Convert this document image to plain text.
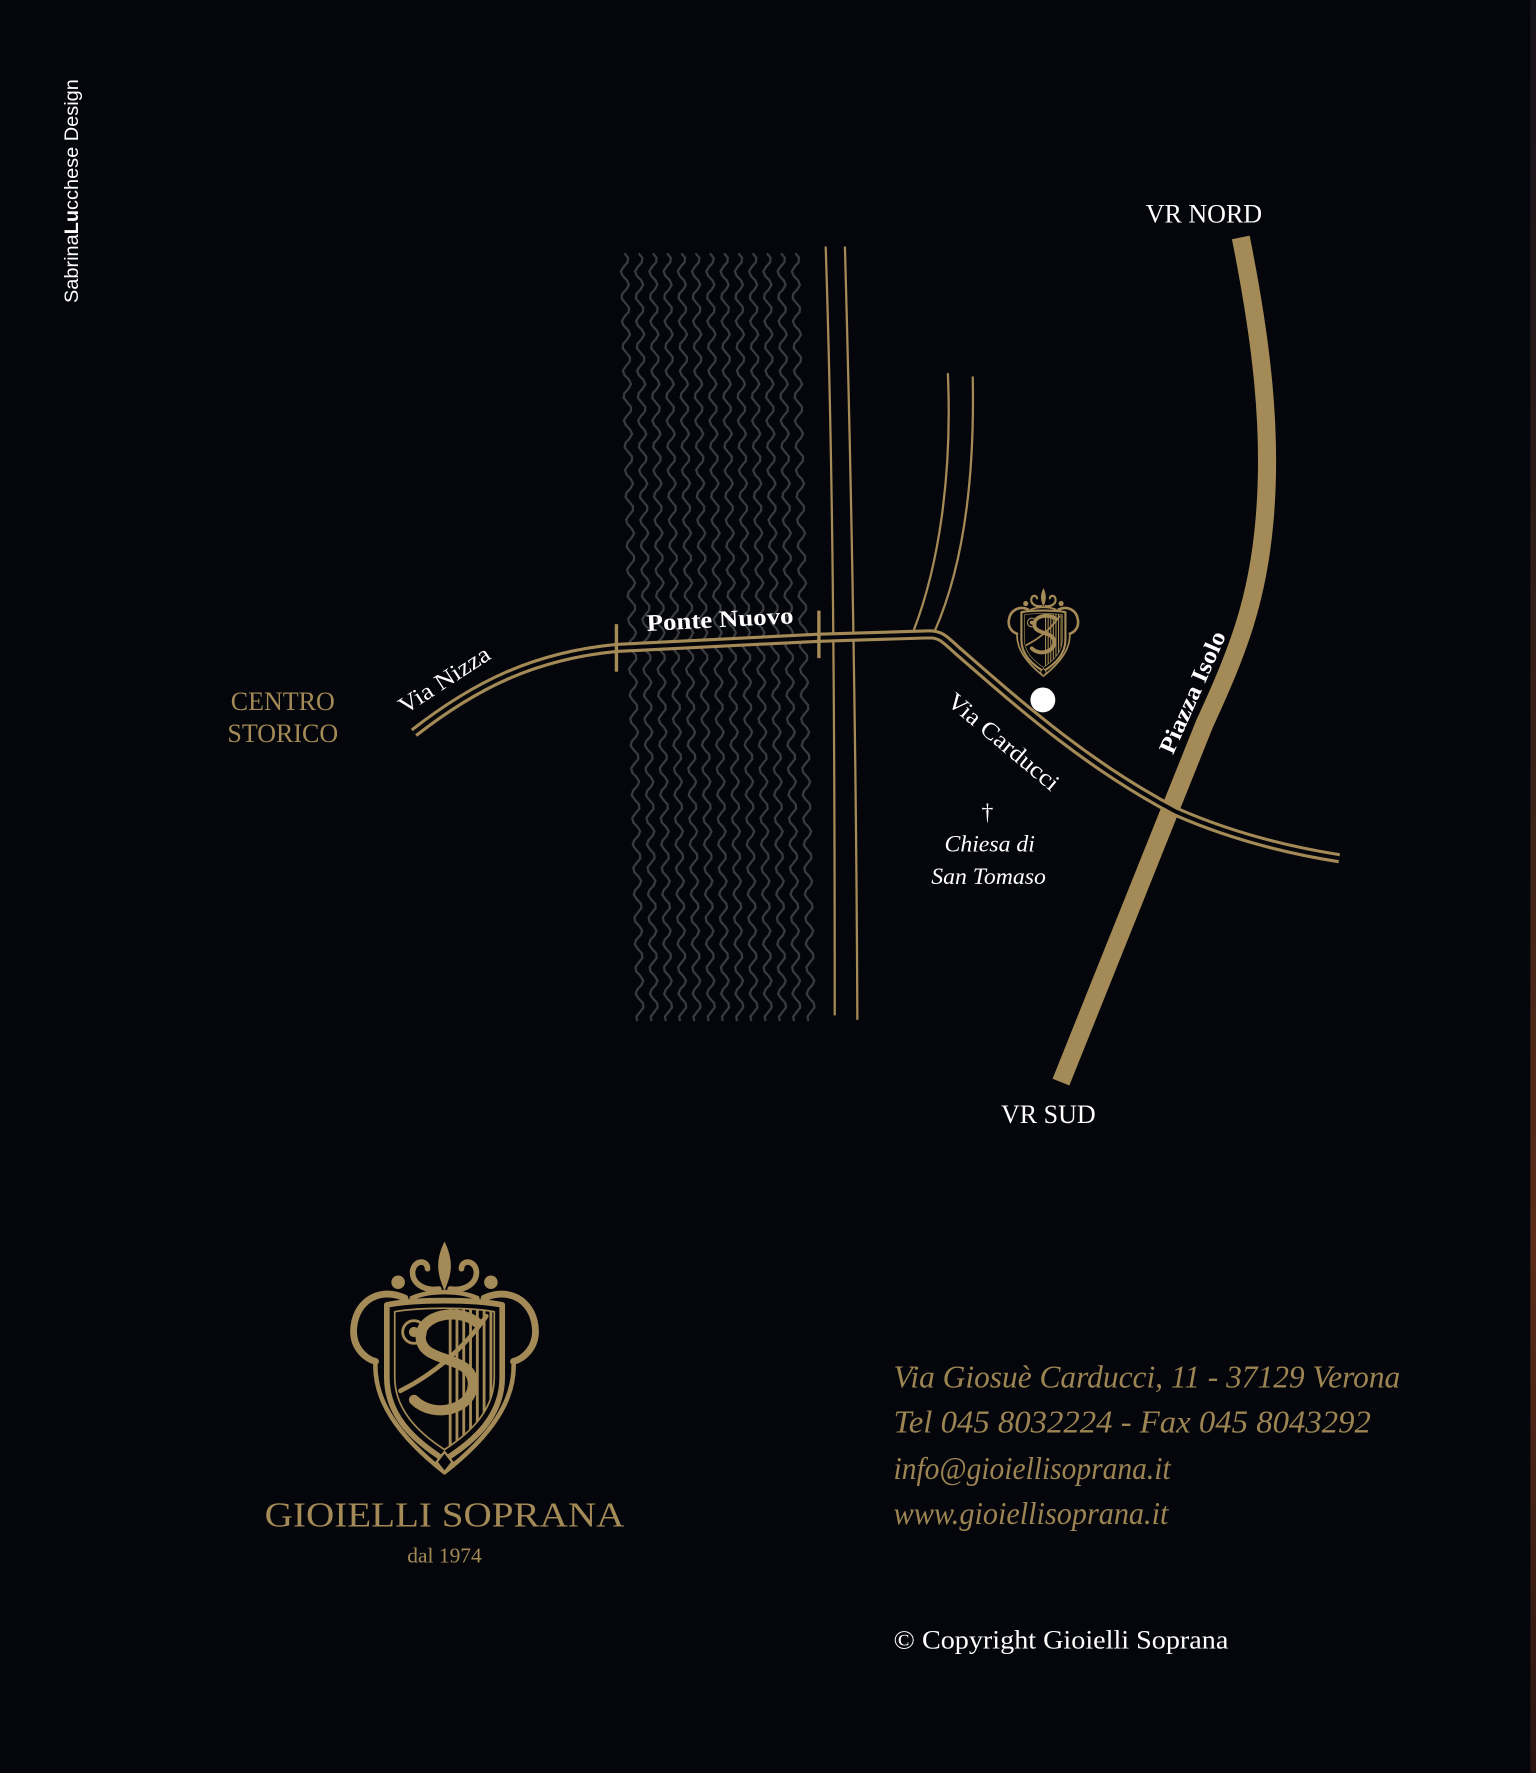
SabrinaLucchese Design
VR NORD
VR SUD
CENTRO
STORICO
Via Nizza
Ponte Nuovo
Via Carducci	Piazza Isolo
†
Chiesa di
San Tomaso
GIOIELLI SOPRANA
dal 1974
Via Giosuè Carducci, 11 - 37129 Verona
Tel 045 8032224 - Fax 045 8043292
info@gioiellisoprana.it
www.gioiellisoprana.it
© Copyright Gioielli Soprana
